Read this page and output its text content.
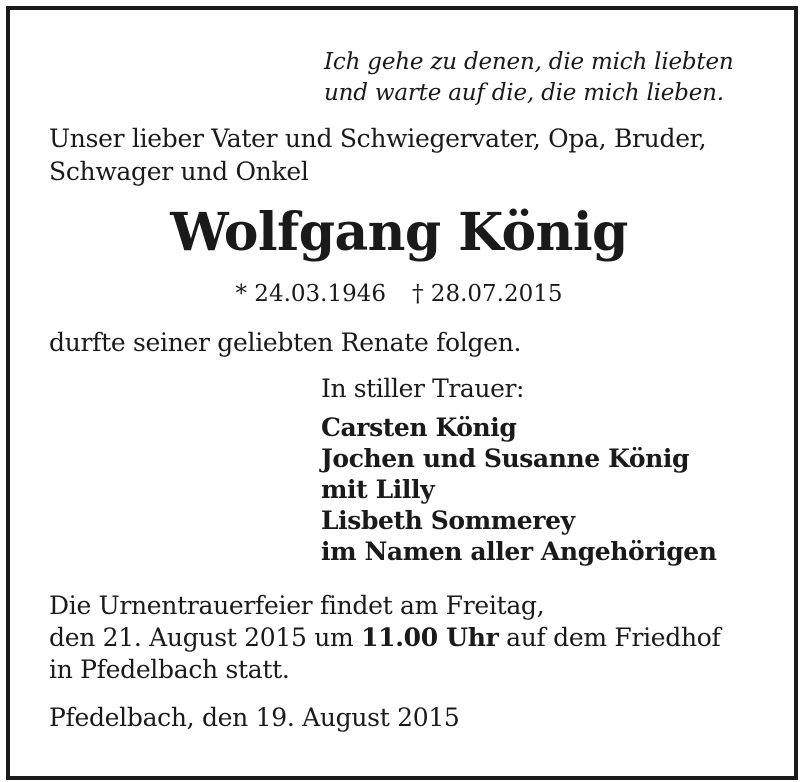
Ich gehe zu denen, die mich liebten
und warte auf die, die mich lieben.
Unser lieber Vater und Schwiegervater, Opa, Bruder,
Schwager und Onkel
Wolfgang König
* 24.03.1946 † 28.07.2015
durfte seiner geliebten Renate folgen.
In stiller Trauer:
Carsten König
Jochen und Susanne König
mit Lilly
Lisbeth Sommerey
im Namen aller Angehörigen
Die Urnentrauerfeier findet am Freitag,
den 21. August 2015 um 11.00 Uhr auf dem Friedhof
in Pfedelbach statt.
Pfedelbach, den 19. August 2015
